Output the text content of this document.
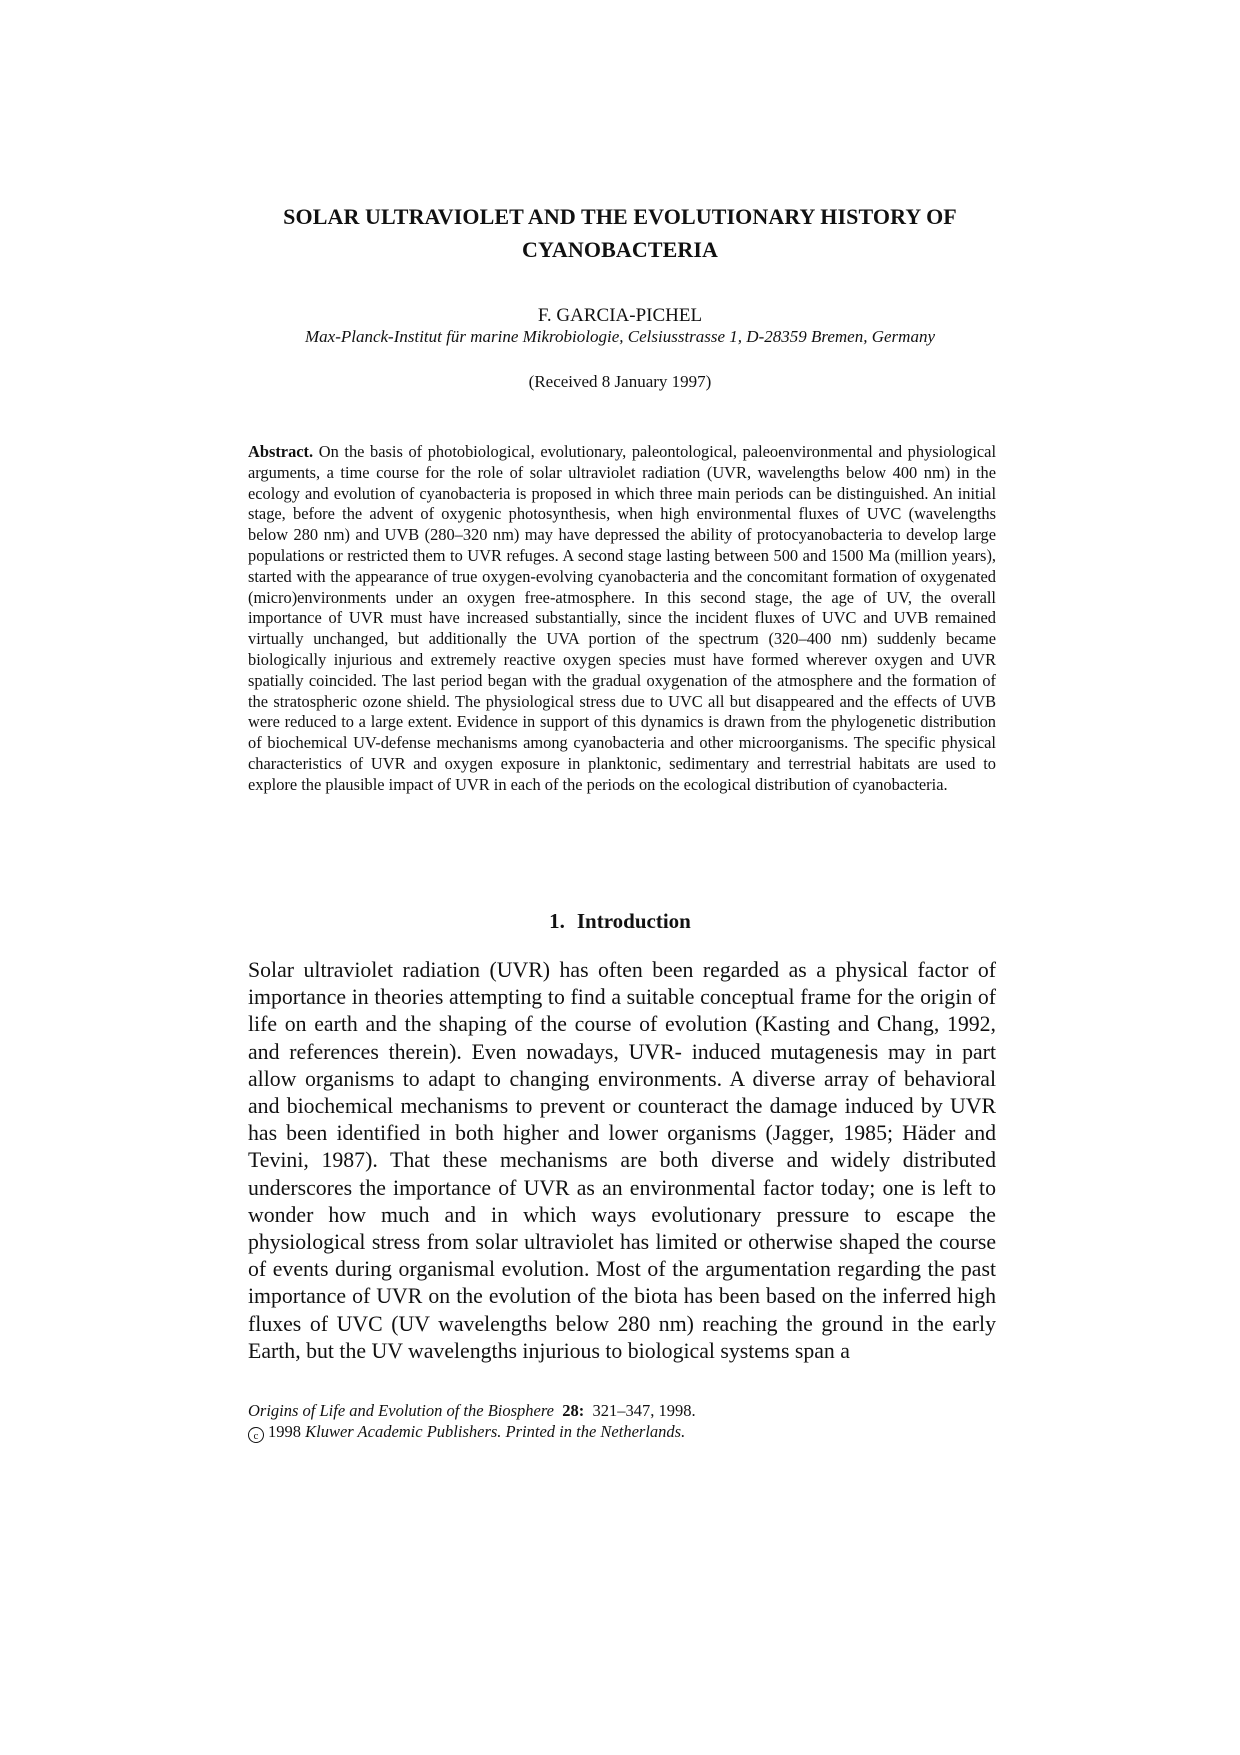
SOLAR ULTRAVIOLET AND THE EVOLUTIONARY HISTORY OF CYANOBACTERIA
F. GARCIA-PICHEL
Max-Planck-Institut für marine Mikrobiologie, Celsiusstrasse 1, D-28359 Bremen, Germany
(Received 8 January 1997)
Abstract. On the basis of photobiological, evolutionary, paleontological, paleoenvironmental and physiological arguments, a time course for the role of solar ultraviolet radiation (UVR, wavelengths below 400 nm) in the ecology and evolution of cyanobacteria is proposed in which three main periods can be distinguished. An initial stage, before the advent of oxygenic photosynthesis, when high environmental fluxes of UVC (wavelengths below 280 nm) and UVB (280–320 nm) may have depressed the ability of protocyanobacteria to develop large populations or restricted them to UVR refuges. A second stage lasting between 500 and 1500 Ma (million years), started with the appearance of true oxygen-evolving cyanobacteria and the concomitant formation of oxygenated (micro)environments under an oxygen free-atmosphere. In this second stage, the age of UV, the overall importance of UVR must have increased substantially, since the incident fluxes of UVC and UVB remained virtually unchanged, but additionally the UVA portion of the spectrum (320–400 nm) suddenly became biologically injurious and extremely reactive oxygen species must have formed wherever oxygen and UVR spatially coincided. The last period began with the gradual oxygenation of the atmosphere and the formation of the stratospheric ozone shield. The physiological stress due to UVC all but disappeared and the effects of UVB were reduced to a large extent. Evidence in support of this dynamics is drawn from the phylogenetic distribution of biochemical UV-defense mechanisms among cyanobacteria and other microorganisms. The specific physical characteristics of UVR and oxygen exposure in planktonic, sedimentary and terrestrial habitats are used to explore the plausible impact of UVR in each of the periods on the ecological distribution of cyanobacteria.
1. Introduction
Solar ultraviolet radiation (UVR) has often been regarded as a physical factor of importance in theories attempting to find a suitable conceptual frame for the origin of life on earth and the shaping of the course of evolution (Kasting and Chang, 1992, and references therein). Even nowadays, UVR- induced mutagenesis may in part allow organisms to adapt to changing environments. A diverse array of behavioral and biochemical mechanisms to prevent or counteract the damage induced by UVR has been identified in both higher and lower organisms (Jagger, 1985; Häder and Tevini, 1987). That these mechanisms are both diverse and widely distributed underscores the importance of UVR as an environmental factor today; one is left to wonder how much and in which ways evolutionary pressure to escape the physiological stress from solar ultraviolet has limited or otherwise shaped the course of events during organismal evolution. Most of the argumentation regarding the past importance of UVR on the evolution of the biota has been based on the inferred high fluxes of UVC (UV wavelengths below 280 nm) reaching the ground in the early Earth, but the UV wavelengths injurious to biological systems span a
Origins of Life and Evolution of the Biosphere 28: 321–347, 1998.
c 1998 Kluwer Academic Publishers. Printed in the Netherlands.
